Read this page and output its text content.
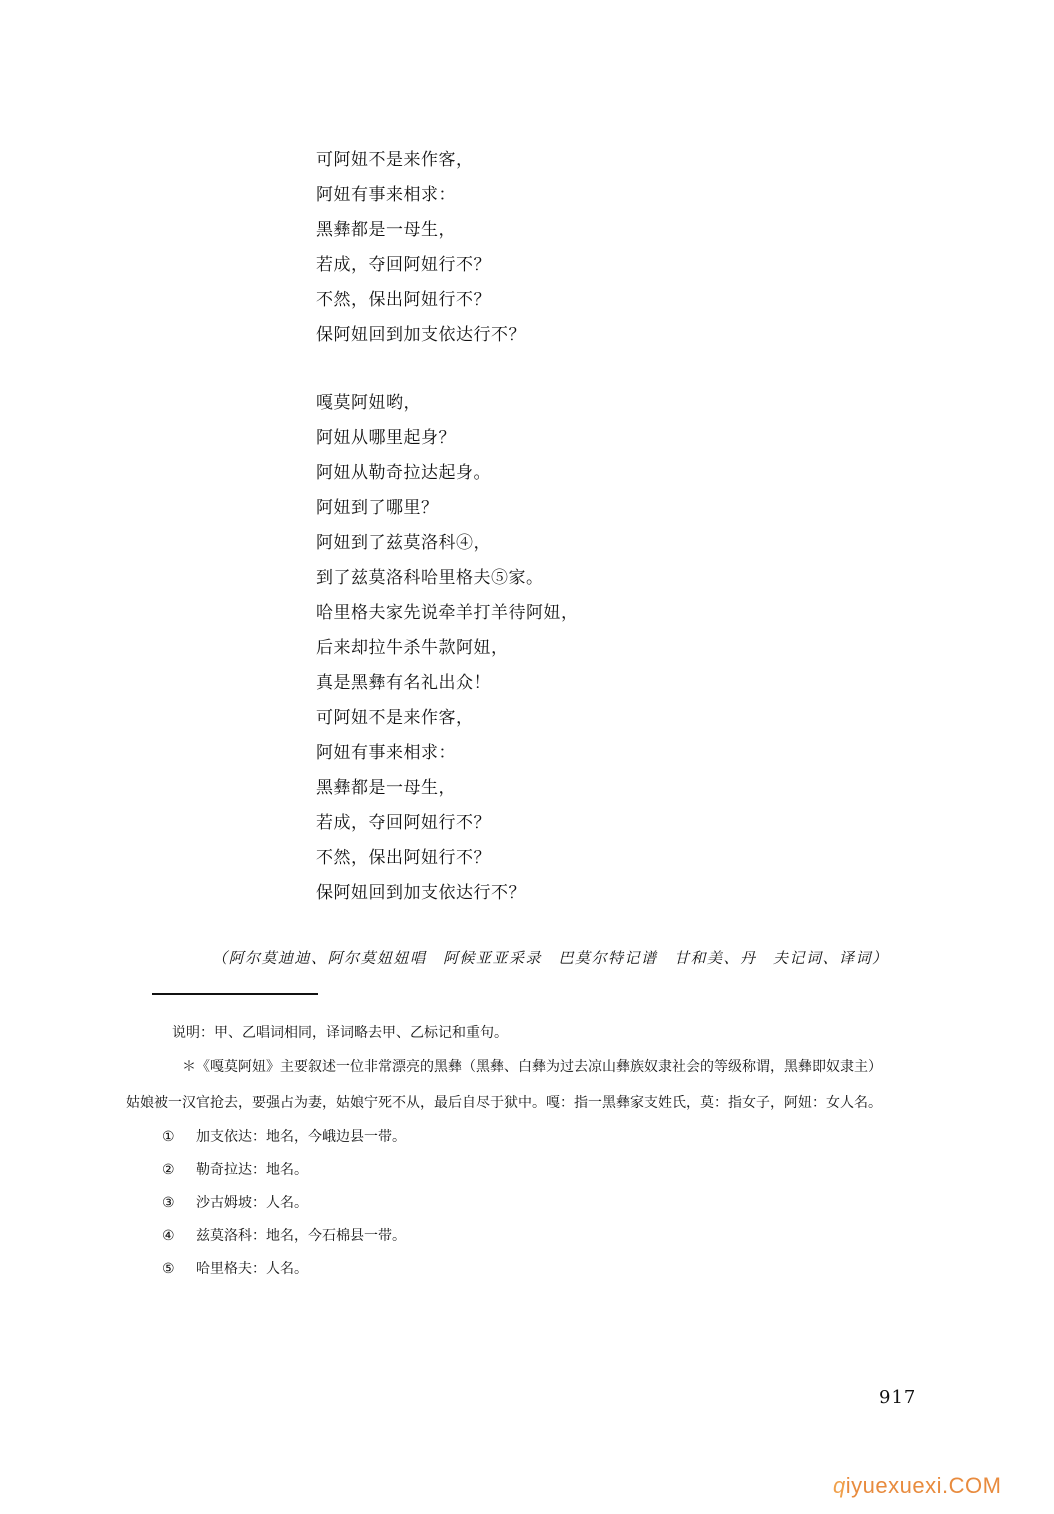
可阿妞不是来作客，
阿妞有事来相求：
黑彝都是一母生，
若成，夺回阿妞行不？
不然，保出阿妞行不？
保阿妞回到加支依达行不？
嘎莫阿妞哟，
阿妞从哪里起身？
阿妞从勒奇拉达起身。
阿妞到了哪里？
阿妞到了兹莫洛科④，
到了兹莫洛科哈里格夫⑤家。
哈里格夫家先说牵羊打羊待阿妞，
后来却拉牛杀牛款阿妞，
真是黑彝有名礼出众！
可阿妞不是来作客，
阿妞有事来相求：
黑彝都是一母生，
若成，夺回阿妞行不？
不然，保出阿妞行不？
保阿妞回到加支依达行不？
（阿尔莫迪迪、阿尔莫妞妞唱　阿候亚亚采录　巴莫尔特记谱　甘和美、丹　夫记词、译词）
说明：甲、乙唱词相同，译词略去甲、乙标记和重句。
＊《嘎莫阿妞》主要叙述一位非常漂亮的黑彝（黑彝、白彝为过去凉山彝族奴隶社会的等级称谓，黑彝即奴隶主）
姑娘被一汉官抢去，要强占为妻，姑娘宁死不从，最后自尽于狱中。嘎：指一黑彝家支姓氏，莫：指女子，阿妞：女人名。
① 加支依达：地名，今峨边县一带。
② 勒奇拉达：地名。
③ 沙古姆坡：人名。
④ 兹莫洛科：地名，今石棉县一带。
⑤ 哈里格夫：人名。
917
qiyuexuexi.COM
